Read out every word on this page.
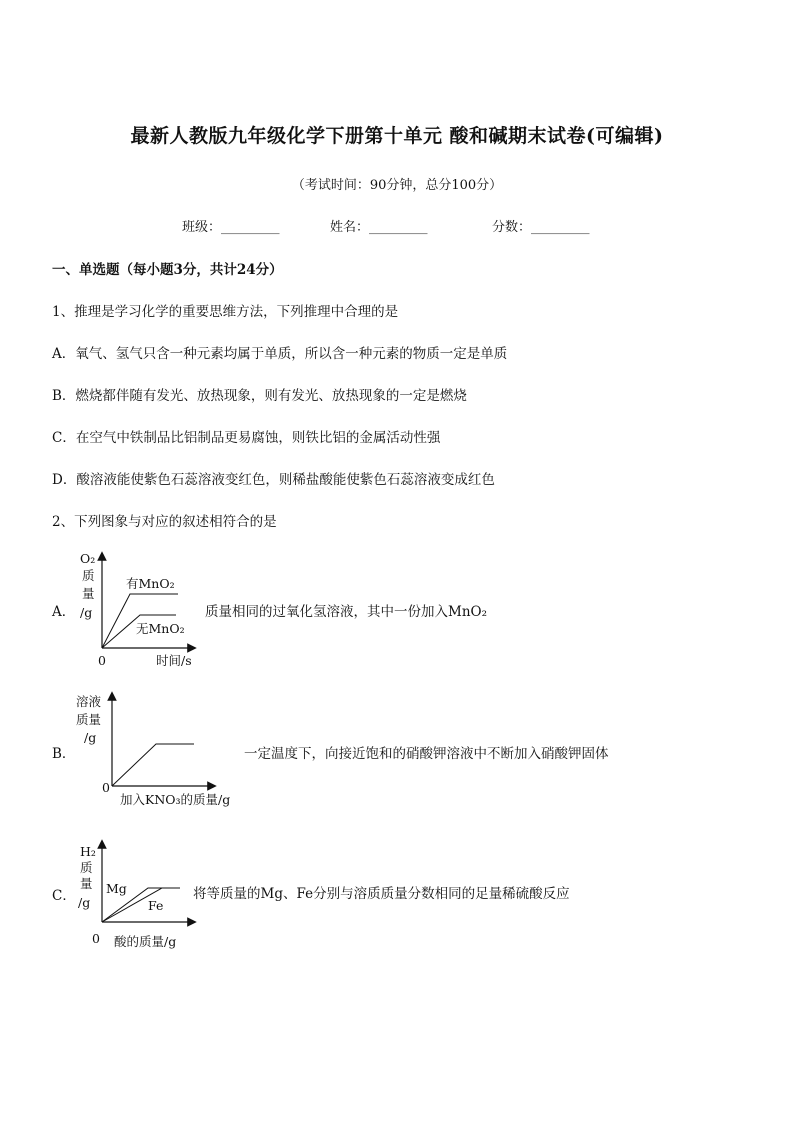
最新人教版九年级化学下册第十单元 酸和碱期末试卷(可编辑)
（考试时间：90分钟，总分100分）
班级：_________	姓名：_________	分数：_________
一、单选题（每小题3分，共计24分）
1、推理是学习化学的重要思维方法，下列推理中合理的是
A．氧气、氢气只含一种元素均属于单质，所以含一种元素的物质一定是单质
B．燃烧都伴随有发光、放热现象，则有发光、放热现象的一定是燃烧
C．在空气中铁制品比铝制品更易腐蚀，则铁比铝的金属活动性强
D．酸溶液能使紫色石蕊溶液变红色，则稀盐酸能使紫色石蕊溶液变成红色
2、下列图象与对应的叙述相符合的是
A．
O₂
质
量
/g
有MnO₂
无MnO₂
0	时间/s
质量相同的过氧化氢溶液，其中一份加入MnO₂
B．
溶液
质量
/g
0
加入KNO₃的质量/g
一定温度下，向接近饱和的硝酸钾溶液中不断加入硝酸钾固体
C．
H₂
质
量
/g
Mg
Fe
0 酸的质量/g
将等质量的Mg、Fe分别与溶质质量分数相同的足量稀硫酸反应
